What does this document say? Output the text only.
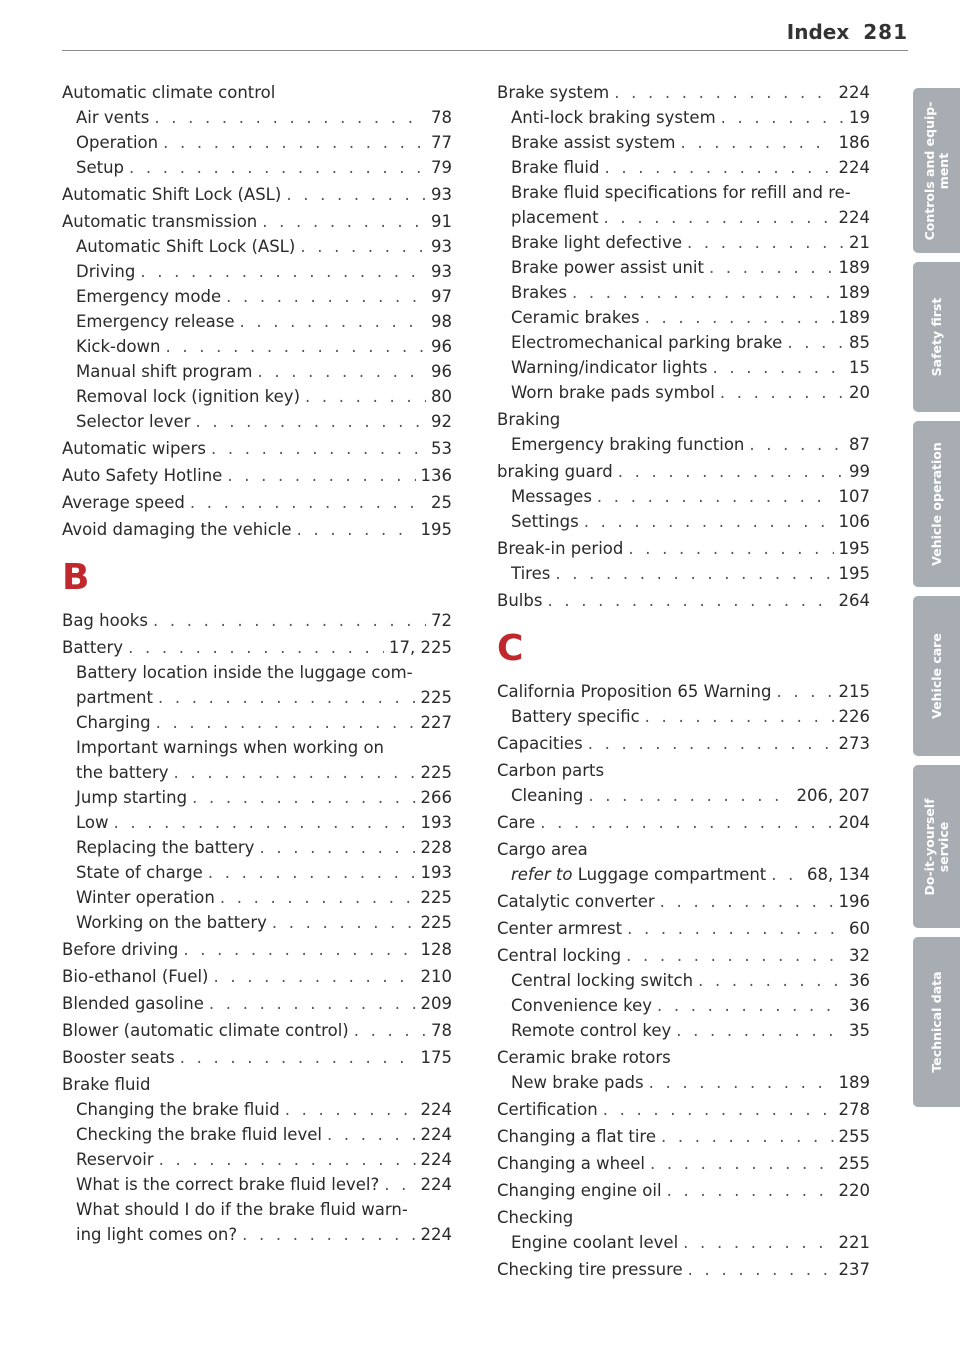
Index 281
Automatic climate control
Air vents . . .	78
Operation . . .	77
Setup . . .	79
Automatic Shift Lock (ASL) . . .	93
Automatic transmission . . .	91
Automatic Shift Lock (ASL) . . .	93
Driving . . .	93
Emergency mode . . .	97
Emergency release . . .	98
Kick-down . . .	96
Manual shift program . . .	96
Removal lock (ignition key) . . .	80
Selector lever . . .	92
Automatic wipers . . .	53
Auto Safety Hotline . . .	136
Average speed . . .	25
Avoid damaging the vehicle . . .	195
B
Bag hooks . . .	72
Battery . . .	17, 225
Battery location inside the luggage com-
partment . . .	225
Charging . . .	227
Important warnings when working on
the battery . . .	225
Jump starting . . .	266
Low . . .	193
Replacing the battery . . .	228
State of charge . . .	193
Winter operation . . .	225
Working on the battery . . .	225
Before driving . . .	128
Bio-ethanol (Fuel) . . .	210
Blended gasoline . . .	209
Blower (automatic climate control) . . .	78
Booster seats . . .	175
Brake fluid
Changing the brake fluid . . .	224
Checking the brake fluid level . . .	224
Reservoir . . .	224
What is the correct brake fluid level? . . .	224
What should I do if the brake fluid warn-
ing light comes on? . . .	224
Brake system . . .	224
Anti-lock braking system . . .	19
Brake assist system . . .	186
Brake fluid . . .	224
Brake fluid specifications for refill and re-
placement . . .	224
Brake light defective . . .	21
Brake power assist unit . . .	189
Brakes . . .	189
Ceramic brakes . . .	189
Electromechanical parking brake . . .	85
Warning/indicator lights . . .	15
Worn brake pads symbol . . .	20
Braking
Emergency braking function . . .	87
braking guard . . .	99
Messages . . .	107
Settings . . .	106
Break-in period . . .	195
Tires . . .	195
Bulbs . . .	264
C
California Proposition 65 Warning . . .	215
Battery specific . . .	226
Capacities . . .	273
Carbon parts
Cleaning . . .	206, 207
Care . . .	204
Cargo area
refer to Luggage compartment . . . 68, 134
Catalytic converter . . .	196
Center armrest . . .	60
Central locking . . .	32
Central locking switch . . .	36
Convenience key . . .	36
Remote control key . . .	35
Ceramic brake rotors
New brake pads . . .	189
Certification . . .	278
Changing a flat tire . . .	255
Changing a wheel . . .	255
Changing engine oil . . .	220
Checking
Engine coolant level . . .	221
Checking tire pressure . . .	237
Controls and equip-
ment
Safety first
Vehicle operation
Vehicle care
Do-it-yourself
service
Technical data
